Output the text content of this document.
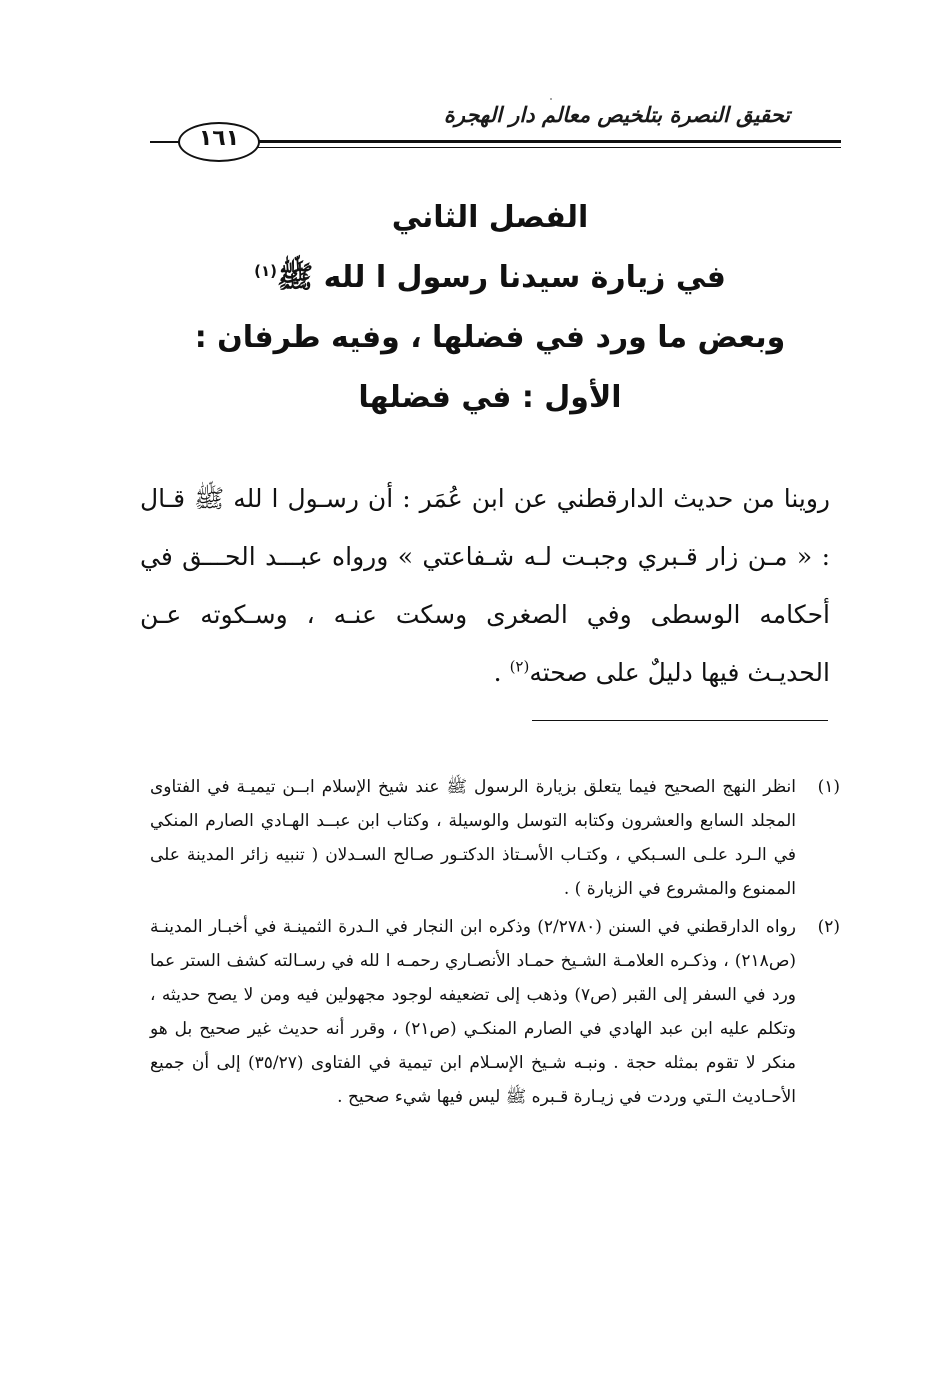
تحقيق النصرة بتلخيص معالم دار الهجرة
١٦١
الفصل الثاني
في زيارة سيدنا رسول ا لله ﷺ$^{(١)}$
وبعض ما ورد في فضلها ، وفيه طرفان :
الأول : في فضلها
روينا من حديث الدارقطني عن ابن عُمَر : أن رسـول ا لله ﷺ قـال : « مـن زار قـبري وجبـت لـه شـفاعتي » ورواه عبـــد الحـــق في أحكامه الوسطى وفي الصغرى وسكت عنـه ، وسـكوته عـن الحديـث فيها دليلٌ على صحته$^{(٢)}$ .
(١)
انظر النهج الصحيح فيما يتعلق بزيارة الرسول ﷺ عند شيخ الإسلام ابــن تيميـة في الفتاوى المجلد السابع والعشرون وكتابه التوسل والوسيلة ، وكتاب ابن عبــد الهـادي الصارم المنكي في الـرد علـى السـبكي ، وكتـاب الأسـتاذ الدكتـور صـالح السـدلان ( تنبيه زائر المدينة على الممنوع والمشروع في الزيارة ) .
(٢)
رواه الدارقطني في السنن (٢/٢٧٨٠) وذكره ابن النجار في الـدرة الثمينـة في أخبـار المدينـة (ص٢١٨) ، وذكـره العلامـة الشـيخ حمـاد الأنصـاري رحمـه ا لله في رسـالته كشف الستر عما ورد في السفر إلى القبر (ص٧) وذهب إلى تضعيفه لوجود مجهولين فيه ومن لا يصح حديثه ، وتكلم عليه ابن عبد الهادي في الصارم المنكـي (ص٢١) ، وقرر أنه حديث غير صحيح بل هو منكر لا تقوم بمثله حجة . ونبـه شـيخ الإسـلام ابن تيمية في الفتاوى (٣٥/٢٧) إلى أن جميع الأحـاديث الـتي وردت في زيـارة قـبره ﷺ ليس فيها شيء صحيح .
